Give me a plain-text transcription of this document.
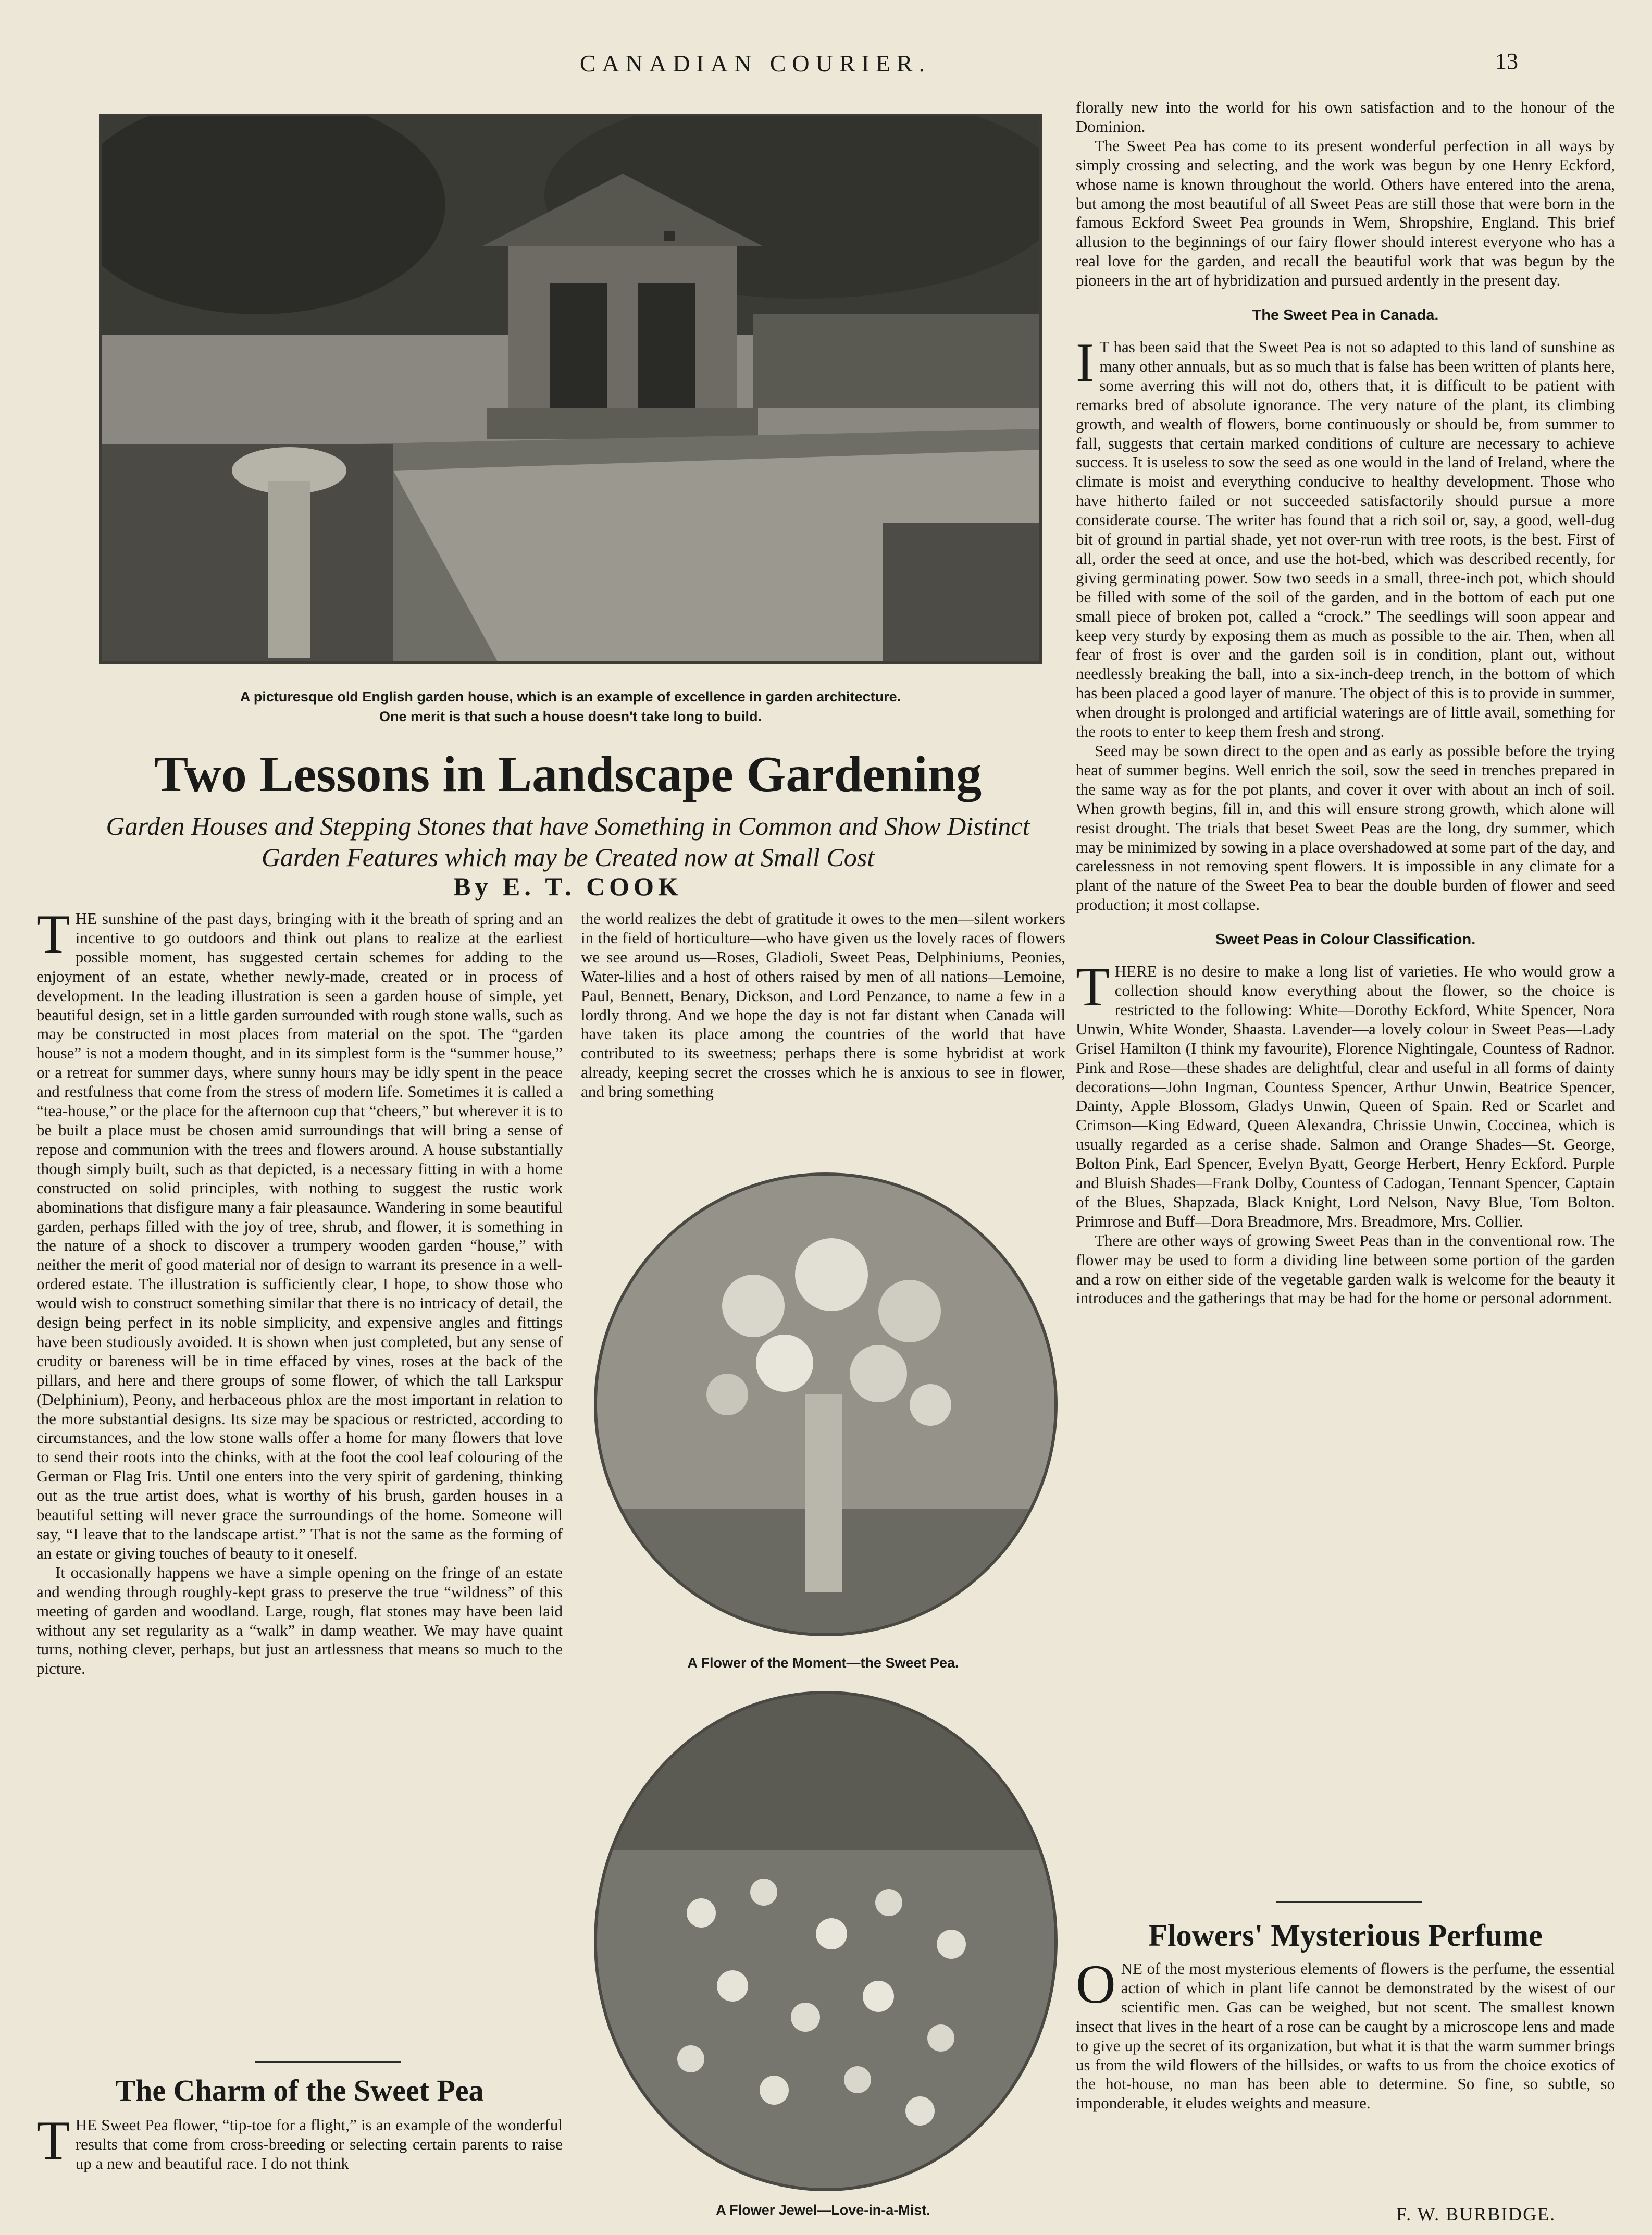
CANADIAN COURIER.	13
A picturesque old English garden house, which is an example of excellence in garden architecture.
One merit is that such a house doesn't take long to build.
Two Lessons in Landscape Gardening
Garden Houses and Stepping Stones that have Something in Common and Show Distinct Garden Features which may be Created now at Small Cost
By E. T. COOK

THE sunshine of the past days, bringing with it the breath of spring and an incentive to go outdoors and think out plans to realize at the earliest possible moment, has suggested certain schemes for adding to the enjoyment of an estate, whether newly-made, created or in process of development. In the leading illustration is seen a garden house of simple, yet beautiful design, set in a little garden surrounded with rough stone walls, such as may be constructed in most places from material on the spot. The “garden house” is not a modern thought, and in its simplest form is the “summer house,” or a retreat for summer days, where sunny hours may be idly spent in the peace and restfulness that come from the stress of modern life. Sometimes it is called a “tea-house,” or the place for the afternoon cup that “cheers,” but wherever it is to be built a place must be chosen amid surroundings that will bring a sense of repose and communion with the trees and flowers around. A house substantially though simply built, such as that depicted, is a necessary fitting in with a home constructed on solid principles, with nothing to suggest the rustic work abominations that disfigure many a fair pleasaunce. Wandering in some beautiful garden, perhaps filled with the joy of tree, shrub, and flower, it is something in the nature of a shock to discover a trumpery wooden garden “house,” with neither the merit of good material nor of design to warrant its presence in a well-ordered estate. The illustration is sufficiently clear, I hope, to show those who would wish to construct something similar that there is no intricacy of detail, the design being perfect in its noble simplicity, and expensive angles and fittings have been studiously avoided. It is shown when just completed, but any sense of crudity or bareness will be in time effaced by vines, roses at the back of the pillars, and here and there groups of some flower, of which the tall Larkspur (Delphinium), Peony, and herbaceous phlox are the most important in relation to the more substantial designs. Its size may be spacious or restricted, according to circumstances, and the low stone walls offer a home for many flowers that love to send their roots into the chinks, with at the foot the cool leaf colouring of the German or Flag Iris. Until one enters into the very spirit of gardening, thinking out as the true artist does, what is worthy of his brush, garden houses in a beautiful setting will never grace the surroundings of the home. Someone will say, “I leave that to the landscape artist.” That is not the same as the forming of an estate or giving touches of beauty to it oneself.

It occasionally happens we have a simple opening on the fringe of an estate and wending through roughly-kept grass to preserve the true “wildness” of this meeting of garden and woodland. Large, rough, flat stones may have been laid without any set regularity as a “walk” in damp weather. We may have quaint turns, nothing clever, perhaps, but just an artlessness that means so much to the picture.

The Charm of the Sweet Pea

THE Sweet Pea flower, “tip-toe for a flight,” is an example of the wonderful results that come from cross-breeding or selecting certain parents to raise up a new and beautiful race. I do not think

the world realizes the debt of gratitude it owes to the men—silent workers in the field of horticulture—who have given us the lovely races of flowers we see around us—Roses, Gladioli, Sweet Peas, Delphiniums, Peonies, Water-lilies and a host of others raised by men of all nations—Lemoine, Paul, Bennett, Benary, Dickson, and Lord Penzance, to name a few in a lordly throng. And we hope the day is not far distant when Canada will have taken its place among the countries of the world that have contributed to its sweetness; perhaps there is some hybridist at work already, keeping secret the crosses which he is anxious to see in flower, and bring something

A Flower of the Moment—the Sweet Pea.
A Flower Jewel—Love-in-a-Mist.

florally new into the world for his own satisfaction and to the honour of the Dominion.

The Sweet Pea has come to its present wonderful perfection in all ways by simply crossing and selecting, and the work was begun by one Henry Eckford, whose name is known throughout the world. Others have entered into the arena, but among the most beautiful of all Sweet Peas are still those that were born in the famous Eckford Sweet Pea grounds in Wem, Shropshire, England. This brief allusion to the beginnings of our fairy flower should interest everyone who has a real love for the garden, and recall the beautiful work that was begun by the pioneers in the art of hybridization and pursued ardently in the present day.

The Sweet Pea in Canada.

I T has been said that the Sweet Pea is not so adapted to this land of sunshine as many other annuals, but as so much that is false has been written of plants here, some averring this will not do, others that, it is difficult to be patient with remarks bred of absolute ignorance. The very nature of the plant, its climbing growth, and wealth of flowers, borne continuously or should be, from summer to fall, suggests that certain marked conditions of culture are necessary to achieve success. It is useless to sow the seed as one would in the land of Ireland, where the climate is moist and everything conducive to healthy development. Those who have hitherto failed or not succeeded satisfactorily should pursue a more considerate course. The writer has found that a rich soil or, say, a good, well-dug bit of ground in partial shade, yet not over-run with tree roots, is the best. First of all, order the seed at once, and use the hot-bed, which was described recently, for giving germinating power. Sow two seeds in a small, three-inch pot, which should be filled with some of the soil of the garden, and in the bottom of each put one small piece of broken pot, called a “crock.” The seedlings will soon appear and keep very sturdy by exposing them as much as possible to the air. Then, when all fear of frost is over and the garden soil is in condition, plant out, without needlessly breaking the ball, into a six-inch-deep trench, in the bottom of which has been placed a good layer of manure. The object of this is to provide in summer, when drought is prolonged and artificial waterings are of little avail, something for the roots to enter to keep them fresh and strong.

Seed may be sown direct to the open and as early as possible before the trying heat of summer begins. Well enrich the soil, sow the seed in trenches prepared in the same way as for the pot plants, and cover it over with about an inch of soil. When growth begins, fill in, and this will ensure strong growth, which alone will resist drought. The trials that beset Sweet Peas are the long, dry summer, which may be minimized by sowing in a place overshadowed at some part of the day, and carelessness in not removing spent flowers. It is impossible in any climate for a plant of the nature of the Sweet Pea to bear the double burden of flower and seed production; it most collapse.

Sweet Peas in Colour Classification.

THERE is no desire to make a long list of varieties. He who would grow a collection should know everything about the flower, so the choice is restricted to the following: White—Dorothy Eckford, White Spencer, Nora Unwin, White Wonder, Shaasta. Lavender—a lovely colour in Sweet Peas—Lady Grisel Hamilton (I think my favourite), Florence Nightingale, Countess of Radnor. Pink and Rose—these shades are delightful, clear and useful in all forms of dainty decorations—John Ingman, Countess Spencer, Arthur Unwin, Beatrice Spencer, Dainty, Apple Blossom, Gladys Unwin, Queen of Spain. Red or Scarlet and Crimson—King Edward, Queen Alexandra, Chrissie Unwin, Coccinea, which is usually regarded as a cerise shade. Salmon and Orange Shades—St. George, Bolton Pink, Earl Spencer, Evelyn Byatt, George Herbert, Henry Eckford. Purple and Bluish Shades—Frank Dolby, Countess of Cadogan, Tennant Spencer, Captain of the Blues, Shapzada, Black Knight, Lord Nelson, Navy Blue, Tom Bolton. Primrose and Buff—Dora Breadmore, Mrs. Breadmore, Mrs. Collier.

There are other ways of growing Sweet Peas than in the conventional row. The flower may be used to form a dividing line between some portion of the garden and a row on either side of the vegetable garden walk is welcome for the beauty it introduces and the gatherings that may be had for the home or personal adornment.

Flowers' Mysterious Perfume

ONE of the most mysterious elements of flowers is the perfume, the essential action of which in plant life cannot be demonstrated by the wisest of our scientific men. Gas can be weighed, but not scent. The smallest known insect that lives in the heart of a rose can be caught by a microscope lens and made to give up the secret of its organization, but what it is that the warm summer brings us from the wild flowers of the hillsides, or wafts to us from the choice exotics of the hot-house, no man has been able to determine. So fine, so subtle, so imponderable, it eludes weights and measure.

F. W. BURBIDGE.
